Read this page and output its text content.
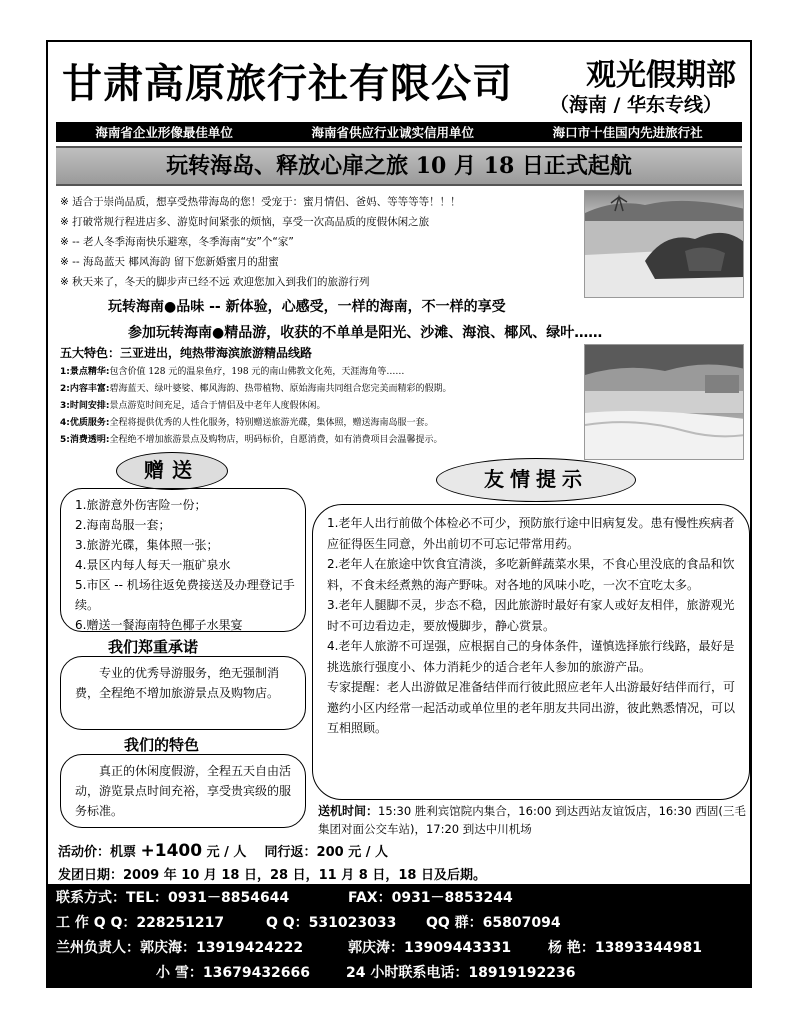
甘肃高原旅行社有限公司 观光假期部
（海南 / 华东专线）
海南省企业形像最佳单位	海南省供应行业诚实信用单位	海口市十佳国内先进旅行社
玩转海岛、释放心扉之旅 10 月 18 日正式起航
※ 适合于崇尚品质，想享受热带海岛的您！受宠于：蜜月情侣、爸妈、等等等等！！！
※ 打破常规行程进店多、游览时间紧张的烦恼，享受一次高品质的度假休闲之旅
※ -- 老人冬季海南快乐避寒，冬季海南“安”个“家”
※ -- 海岛蓝天 椰风海韵 留下您新婚蜜月的甜蜜
※ 秋天来了，冬天的脚步声已经不远 欢迎您加入到我们的旅游行列
玩转海南●品味 -- 新体验，心感受，一样的海南，不一样的享受
参加玩转海南●精品游，收获的不单单是阳光、沙滩、海浪、椰风、绿叶……
五大特色：三亚进出，纯热带海滨旅游精品线路
1:景点精华:包含价值 128 元的温泉鱼疗，198 元的南山佛教文化苑，天涯海角等……
2:内容丰富:碧海蓝天、绿叶婆娑、椰风海韵、热带植物、原始海南共同组合您完美而精彩的假期。
3:时间安排:景点游览时间充足，适合于情侣及中老年人度假休闲。
4:优质服务:全程将提供优秀的人性化服务，特别赠送旅游光碟，集体照，赠送海南岛服一套。
5:消费透明:全程绝不增加旅游景点及购物店，明码标价，自愿消费，如有消费项目会温馨提示。
赠送
1.旅游意外伤害险一份；
2.海南岛服一套；
3.旅游光碟，集体照一张；
4.景区内每人每天一瓶矿泉水
5.市区 -- 机场往返免费接送及办理登记手续。
6.赠送一餐海南特色椰子水果宴
我们郑重承诺
专业的优秀导游服务，绝无强制消费，全程绝不增加旅游景点及购物店。
我们的特色
真正的休闲度假游，全程五天自由活动，游览景点时间充裕，享受贵宾级的服务标准。
友情提示
1.老年人出行前做个体检必不可少，预防旅行途中旧病复发。患有慢性疾病者应征得医生同意，外出前切不可忘记带常用药。
2.老年人在旅途中饮食宜清淡，多吃新鲜蔬菜水果，不食心里没底的食品和饮料，不食未经煮熟的海产野味。对各地的风味小吃，一次不宜吃太多。
3.老年人腿脚不灵，步态不稳，因此旅游时最好有家人或好友相伴，旅游观光时不可边看边走，要放慢脚步，静心赏景。
4.老年人旅游不可逞强，应根据自己的身体条件，谨慎选择旅行线路，最好是挑选旅行强度小、体力消耗少的适合老年人参加的旅游产品。
专家提醒：老人出游做足准备结伴而行彼此照应老年人出游最好结伴而行，可邀约小区内经常一起活动或单位里的老年朋友共同出游，彼此熟悉情况，可以互相照顾。
送机时间：15:30 胜利宾馆院内集合，16:00 到达西站友谊饭店，16:30 西固(三毛集团对面公交车站)，17:20 到达中川机场
活动价：机票 +1400 元 / 人 同行返：200 元 / 人
发团日期：2009 年 10 月 18 日，28 日，11 月 8 日，18 日及后期。
联系方式：TEL：0931－8854644	FAX：0931－8853244
工 作 Q Q：228251217	Q Q：531023033 QQ 群：65807094
兰州负责人：郭庆海：13919424222	郭庆涛：13909443331	杨 艳：13893344981
小 雪：13679432666	24 小时联系电话：18919192236
